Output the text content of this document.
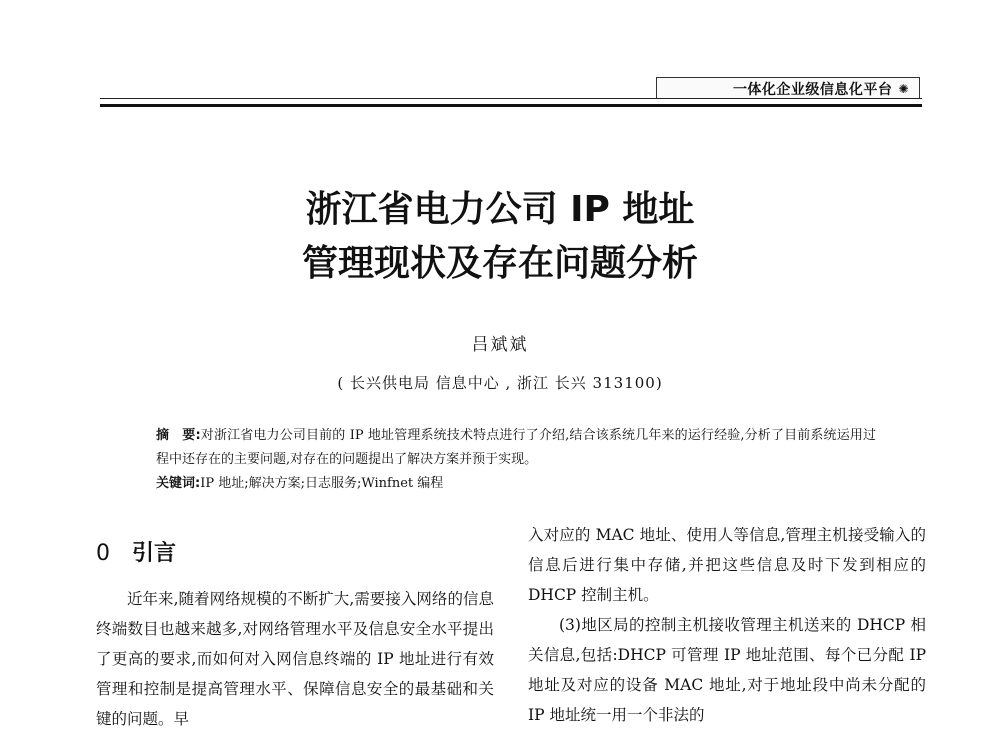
一体化企业级信息化平台 ✺
浙江省电力公司 IP 地址
管理现状及存在问题分析
吕斌斌
( 长兴供电局 信息中心 , 浙江 长兴 313100)
摘　要:对浙江省电力公司目前的 IP 地址管理系统技术特点进行了介绍,结合该系统几年来的运行经验,分析了目前系统运用过程中还存在的主要问题,对存在的问题提出了解决方案并预于实现。
关键词:IP 地址;解决方案;日志服务;Winfnet 编程
0 引言

近年来,随着网络规模的不断扩大,需要接入网络的信息终端数目也越来越多,对网络管理水平及信息安全水平提出了更高的要求,而如何对入网信息终端的 IP 地址进行有效管理和控制是提高管理水平、保障信息安全的最基础和关键的问题。早

入对应的 MAC 地址、使用人等信息,管理主机接受输入的信息后进行集中存储,并把这些信息及时下发到相应的 DHCP 控制主机。

(3)地区局的控制主机接收管理主机送来的 DHCP 相关信息,包括:DHCP 可管理 IP 地址范围、每个已分配 IP 地址及对应的设备 MAC 地址,对于地址段中尚未分配的 IP 地址统一用一个非法的
